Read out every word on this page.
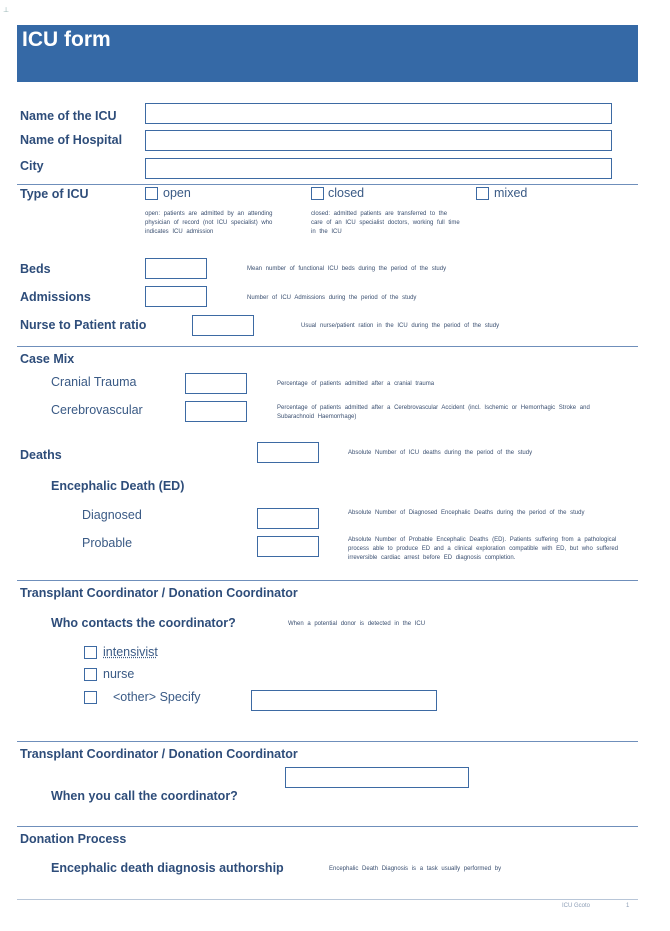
⊥
ICU form
Name of the ICU
Name of Hospital
City
Type of ICU	open	closed	mixed
open: patients are admitted by an attending physician of record (not ICU specialist) who indicates ICU admission
closed: admitted patients are transferred to the care of an ICU specialist doctors, working full time in the ICU
Beds	Mean number of functional ICU beds during the period of the study
Admissions	Number of ICU Admissions during the period of the study
Nurse to Patient ratio	Usual nurse/patient ration in the ICU during the period of the study
Case Mix
Cranial Trauma	Percentage of patients admitted after a cranial trauma
Cerebrovascular	Percentage of patients admitted after a Cerebrovascular Accident (incl. Ischemic or Hemorrhagic Stroke and Subarachnoid Haemorrhage)
Deaths	Absolute Number of ICU deaths during the period of the study
Encephalic Death (ED)
Diagnosed	Absolute Number of Diagnosed Encephalic Deaths during the period of the study
Probable	Absolute Number of Probable Encephalic Deaths (ED). Patients suffering from a pathological process able to produce ED and a clinical exploration compatible with ED, but who suffered irreversible cardiac arrest before ED diagnosis completion.
Transplant Coordinator / Donation Coordinator
Who contacts the coordinator?	When a potential donor is detected in the ICU
intensivist
nurse
<other> Specify
Transplant Coordinator / Donation Coordinator
When you call the coordinator?
Donation Process
Encephalic death diagnosis authorship	Encephalic Death Diagnosis is a task usually performed by
ICU Gcoto	1
